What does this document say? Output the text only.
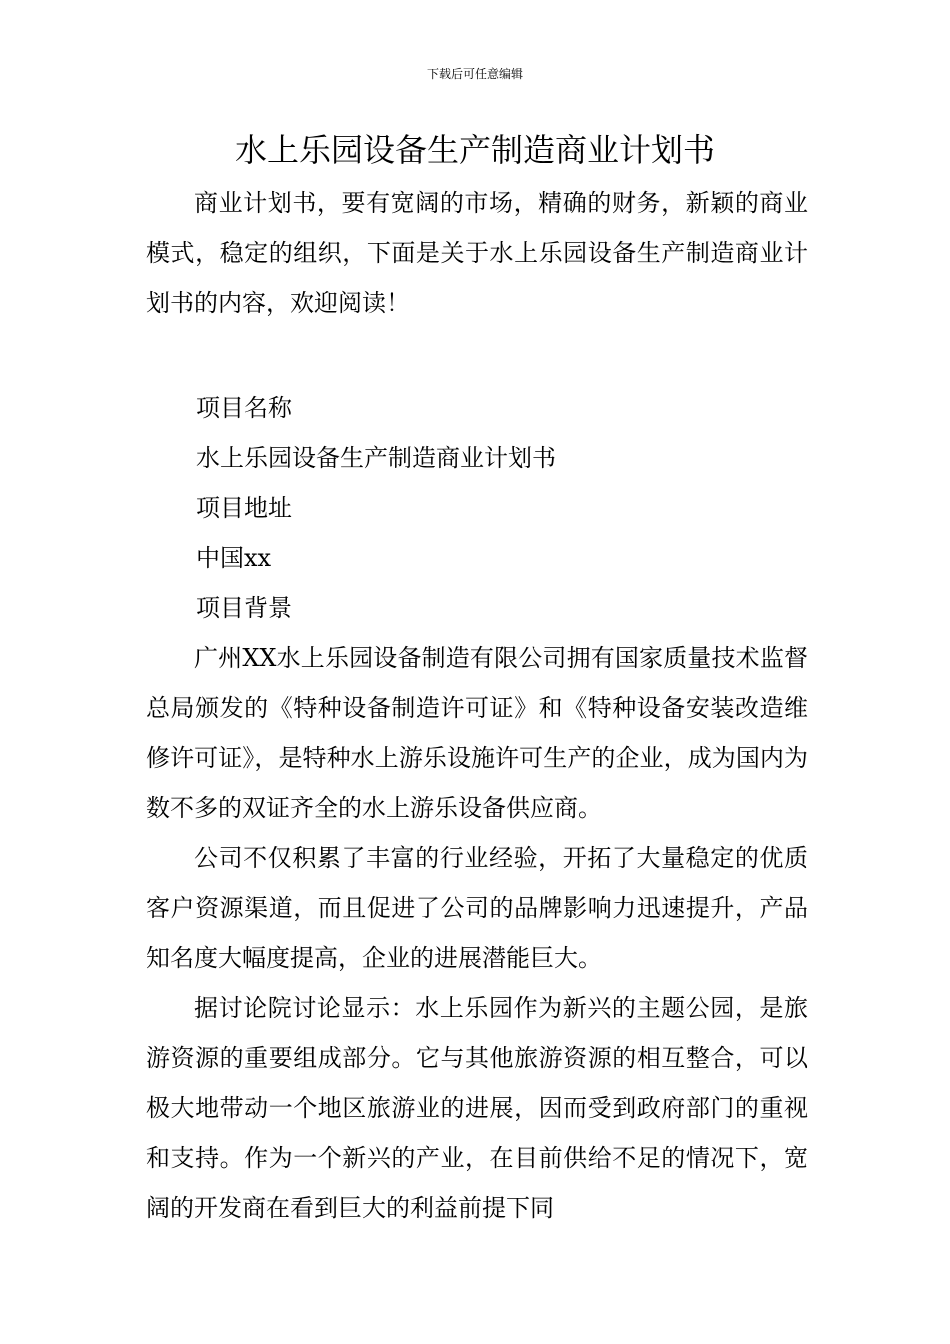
下载后可任意编辑
水上乐园设备生产制造商业计划书

商业计划书，要有宽阔的市场，精确的财务，新颖的商业模式，稳定的组织，下面是关于水上乐园设备生产制造商业计划书的内容，欢迎阅读！

项目名称

水上乐园设备生产制造商业计划书

项目地址

中国xx

项目背景

广州XX水上乐园设备制造有限公司拥有国家质量技术监督总局颁发的《特种设备制造许可证》和《特种设备安装改造维修许可证》，是特种水上游乐设施许可生产的企业，成为国内为数不多的双证齐全的水上游乐设备供应商。

公司不仅积累了丰富的行业经验，开拓了大量稳定的优质客户资源渠道，而且促进了公司的品牌影响力迅速提升，产品知名度大幅度提高，企业的进展潜能巨大。

据讨论院讨论显示：水上乐园作为新兴的主题公园，是旅游资源的重要组成部分。它与其他旅游资源的相互整合，可以极大地带动一个地区旅游业的进展，因而受到政府部门的重视和支持。作为一个新兴的产业，在目前供给不足的情况下，宽阔的开发商在看到巨大的利益前提下同
